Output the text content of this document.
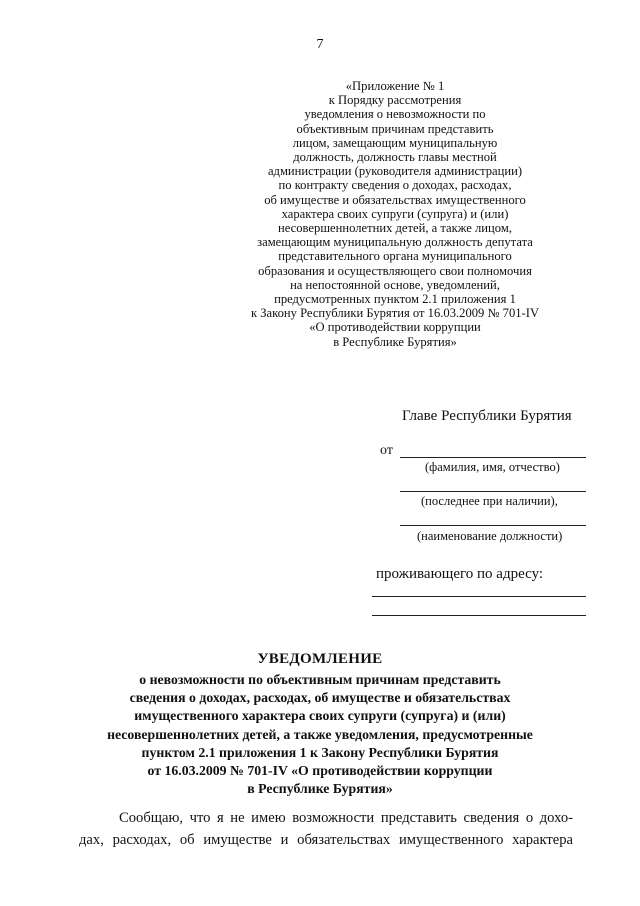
7
«Приложение № 1
к Порядку рассмотрения
уведомления о невозможности по
объективным причинам представить
лицом, замещающим муниципальную
должность, должность главы местной
администрации (руководителя администрации)
по контракту сведения о доходах, расходах,
об имуществе и обязательствах имущественного
характера своих супруги (супруга) и (или)
несовершеннолетних детей, а также лицом,
замещающим муниципальную должность депутата
представительного органа муниципального
образования и осуществляющего свои полномочия
на непостоянной основе, уведомлений,
предусмотренных пунктом 2.1 приложения 1
к Закону Республики Бурятия от 16.03.2009 № 701-IV
«О противодействии коррупции
в Республике Бурятия»
Главе Республики Бурятия
от
(фамилия, имя, отчество)
(последнее при наличии),
(наименование должности)
проживающего по адресу:
УВЕДОМЛЕНИЕ
о невозможности по объективным причинам представить
сведения о доходах, расходах, об имуществе и обязательствах
имущественного характера своих супруги (супруга) и (или)
несовершеннолетних детей, а также уведомления, предусмотренные
пунктом 2.1 приложения 1 к Закону Республики Бурятия
от 16.03.2009 № 701-IV «О противодействии коррупции
в Республике Бурятия»
Сообщаю, что я не имею возможности представить сведения о дохо-
дах, расходах, об имуществе и обязательствах имущественного характера
